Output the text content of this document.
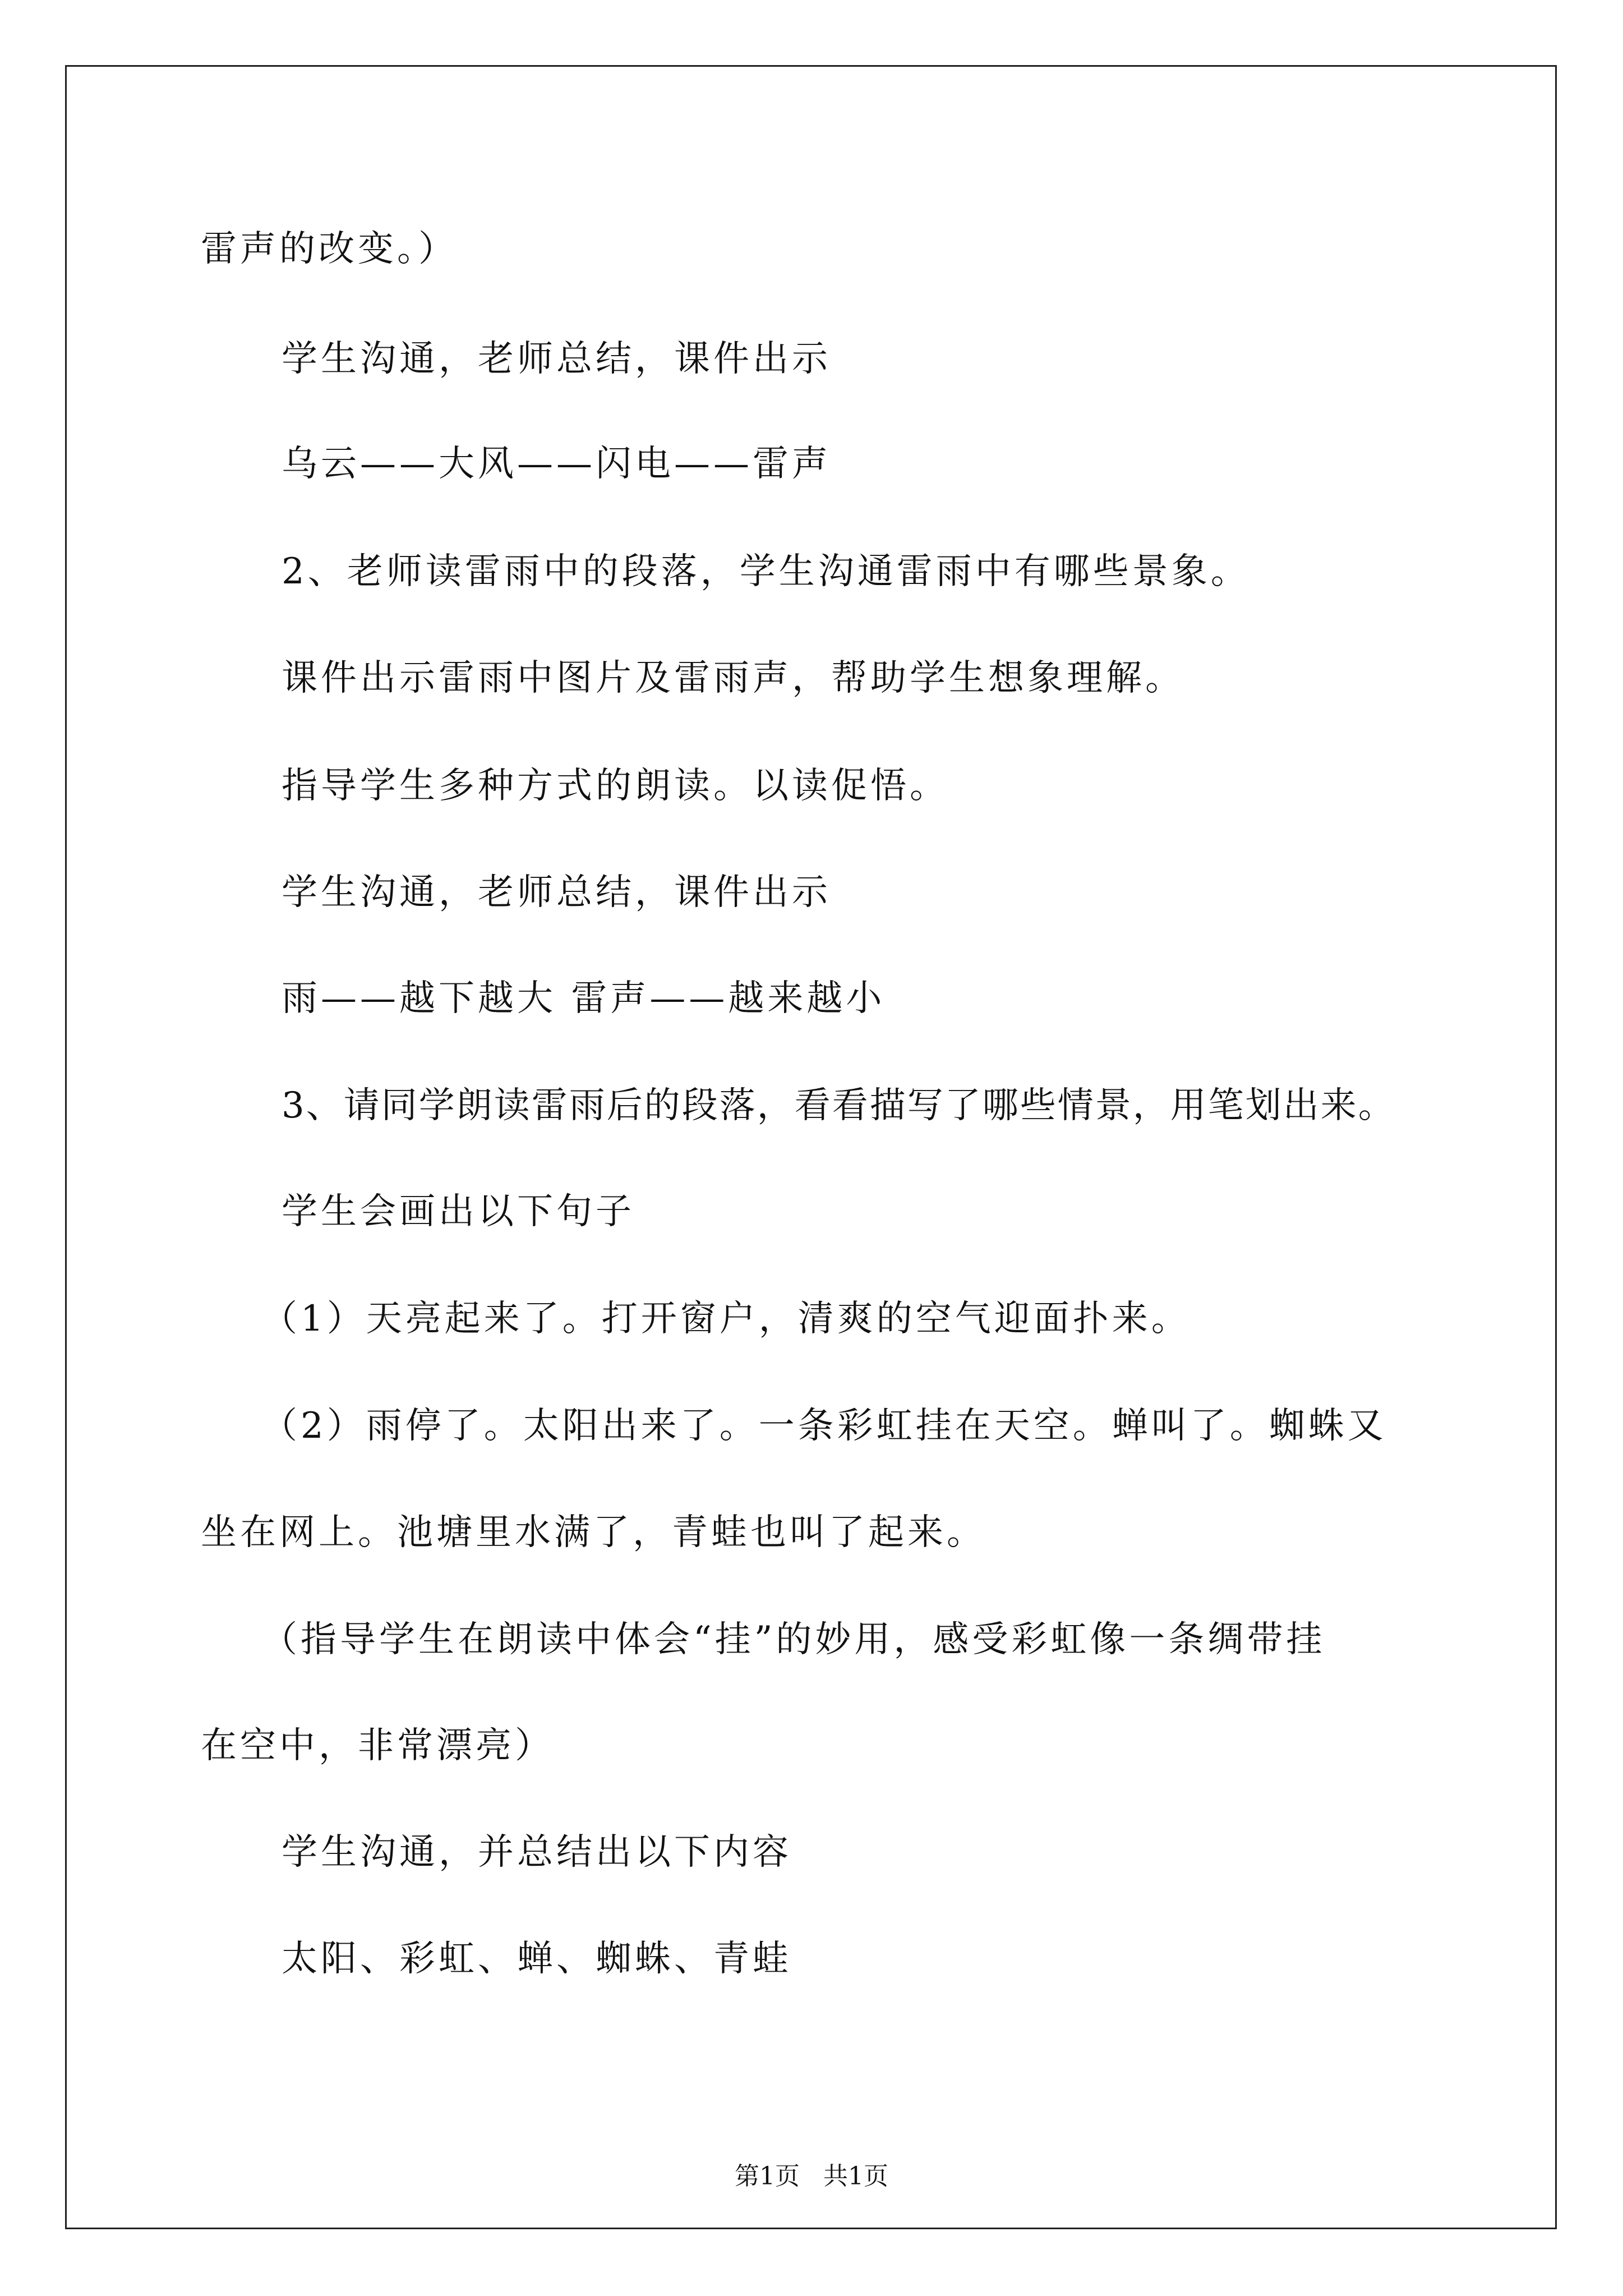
雷声的改变。）
学生沟通，老师总结，课件出示
乌云——大风——闪电——雷声
2、老师读雷雨中的段落，学生沟通雷雨中有哪些景象。
课件出示雷雨中图片及雷雨声，帮助学生想象理解。
指导学生多种方式的朗读。以读促悟。
学生沟通，老师总结，课件出示
雨——越下越大 雷声——越来越小
3、请同学朗读雷雨后的段落，看看描写了哪些情景，用笔划出来。
学生会画出以下句子
（1）天亮起来了。打开窗户，清爽的空气迎面扑来。
（2）雨停了。太阳出来了。一条彩虹挂在天空。蝉叫了。蜘蛛又
坐在网上。池塘里水满了，青蛙也叫了起来。
（指导学生在朗读中体会“挂”的妙用，感受彩虹像一条绸带挂
在空中，非常漂亮）
学生沟通，并总结出以下内容
太阳、彩虹、蝉、蜘蛛、青蛙
第1页   共1页
